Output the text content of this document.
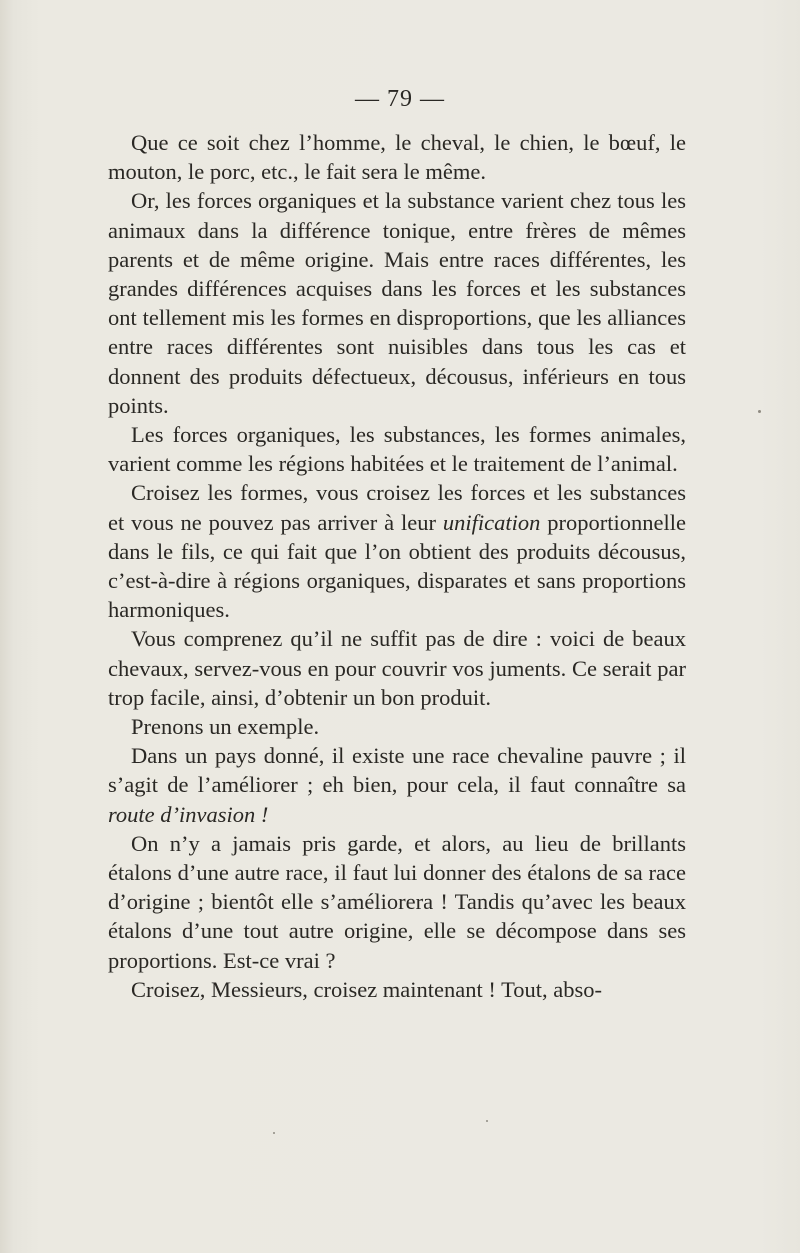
— 79 —

Que ce soit chez l’homme, le cheval, le chien, le bœuf, le mouton, le porc, etc., le fait sera le même.

Or, les forces organiques et la substance varient chez tous les animaux dans la différence tonique, entre frères de mêmes parents et de même origine. Mais entre races différentes, les grandes différences acquises dans les forces et les substances ont tellement mis les formes en disproportions, que les alliances entre races différentes sont nuisibles dans tous les cas et donnent des produits défectueux, décousus, inférieurs en tous points.

Les forces organiques, les substances, les formes animales, varient comme les régions habitées et le traitement de l’animal.

Croisez les formes, vous croisez les forces et les substances et vous ne pouvez pas arriver à leur unification proportionnelle dans le fils, ce qui fait que l’on obtient des produits décousus, c’est-à-dire à régions organiques, disparates et sans proportions harmoniques.

Vous comprenez qu’il ne suffit pas de dire : voici de beaux chevaux, servez-vous en pour couvrir vos juments. Ce serait par trop facile, ainsi, d’obtenir un bon produit.

Prenons un exemple.

Dans un pays donné, il existe une race chevaline pauvre ; il s’agit de l’améliorer ; eh bien, pour cela, il faut connaître sa route d’invasion !

On n’y a jamais pris garde, et alors, au lieu de brillants étalons d’une autre race, il faut lui donner des étalons de sa race d’origine ; bientôt elle s’améliorera ! Tandis qu’avec les beaux étalons d’une tout autre origine, elle se décompose dans ses proportions. Est-ce vrai ?

Croisez, Messieurs, croisez maintenant ! Tout, abso-
